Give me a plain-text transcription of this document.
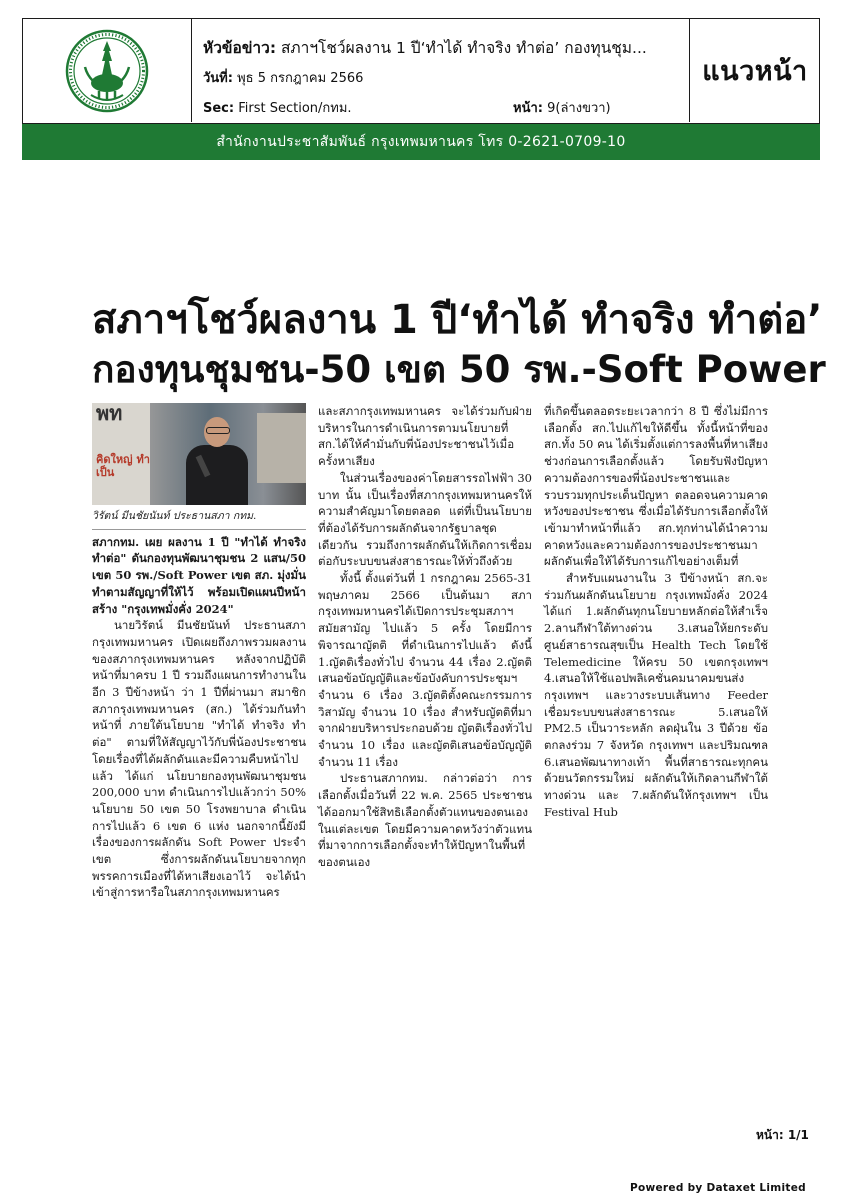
หัวข้อข่าว: สภาฯโชว์ผลงาน 1 ปี‘ทำได้ ทำจริง ทำต่อ’ กองทุนชุม...
วันที่: พุธ 5 กรกฎาคม 2566
Sec: First Section/กทม.	หน้า: 9(ล่างขวา)
แนวหน้า
สำนักงานประชาสัมพันธ์ กรุงเทพมหานคร โทร 0-2621-0709-10
สภาฯโชว์ผลงาน 1 ปี‘ทำได้ ทำจริง ทำต่อ’
กองทุนชุมชน-50 เขต 50 รพ.-Soft Power
พท
คิดใหญ่ ทำเป็น
วิรัตน์ มีนชัยนันท์ ประธานสภา กทม.

สภากทม. เผย ผลงาน 1 ปี "ทำได้ ทำจริง ทำต่อ" ดันกองทุนพัฒนาชุมชน 2 แสน/50 เขต 50 รพ./Soft Power เขต สภ. มุ่งมั่นทำตามสัญญาที่ให้ไว้ พร้อมเปิดแผนปีหน้าสร้าง "กรุงเทพมั่งคั่ง 2024"

นายวิรัตน์ มีนชัยนันท์ ประธานสภากรุงเทพมหานคร เปิดเผยถึงภาพรวมผลงานของสภากรุงเทพมหานคร หลังจากปฏิบัติหน้าที่มาครบ 1 ปี รวมถึงแผนการทำงานในอีก 3 ปีข้างหน้า ว่า 1 ปีที่ผ่านมา สมาชิกสภากรุงเทพมหานคร (สก.) ได้ร่วมกันทำหน้าที่ ภายใต้นโยบาย "ทำได้ ทำจริง ทำต่อ" ตามที่ให้สัญญาไว้กับพี่น้องประชาชนโดยเรื่องที่ได้ผลักดันและมีความคืบหน้าไปแล้ว ได้แก่ นโยบายกองทุนพัฒนาชุมชน 200,000 บาท ดำเนินการไปแล้วกว่า 50% นโยบาย 50 เขต 50 โรงพยาบาล ดำเนินการไปแล้ว 6 เขต 6 แห่ง นอกจากนี้ยังมีเรื่องของการผลักดัน Soft Power ประจำเขต ซึ่งการผลักดันนโยบายจากทุกพรรคการเมืองที่ได้หาเสียงเอาไว้ จะได้นำเข้าสู่การหารือในสภากรุงเทพมหานคร

และสภากรุงเทพมหานคร จะได้ร่วมกับฝ่ายบริหารในการดำเนินการตามนโยบายที่ สก.ได้ให้คำมั่นกับพี่น้องประชาชนไว้เมื่อครั้งหาเสียง

ในส่วนเรื่องของค่าโดยสารรถไฟฟ้า 30 บาท นั้น เป็นเรื่องที่สภากรุงเทพมหานครให้ความสำคัญมาโดยตลอด แต่ที่เป็นนโยบายที่ต้องได้รับการผลักดันจากรัฐบาลชุดเดียวกัน รวมถึงการผลักดันให้เกิดการเชื่อมต่อกับระบบขนส่งสาธารณะให้ทั่วถึงด้วย

ทั้งนี้ ตั้งแต่วันที่ 1 กรกฎาคม 2565-31 พฤษภาคม 2566 เป็นต้นมา สภากรุงเทพมหานครได้เปิดการประชุมสภาฯ สมัยสามัญ ไปแล้ว 5 ครั้ง โดยมีการพิจารณาญัตติ ที่ดำเนินการไปแล้ว ดังนี้ 1.ญัตติเรื่องทั่วไป จำนวน 44 เรื่อง 2.ญัตติเสนอข้อบัญญัติและข้อบังคับการประชุมฯ จำนวน 6 เรื่อง 3.ญัตติตั้งคณะกรรมการวิสามัญ จำนวน 10 เรื่อง สำหรับญัตติที่มาจากฝ่ายบริหารประกอบด้วย ญัตติเรื่องทั่วไป จำนวน 10 เรื่อง และญัตติเสนอข้อบัญญัติ จำนวน 11 เรื่อง

ประธานสภากทม. กล่าวต่อว่า การเลือกตั้งเมื่อวันที่ 22 พ.ค. 2565 ประชาชนได้ออกมาใช้สิทธิเลือกตั้งตัวแทนของตนเองในแต่ละเขต โดยมีความคาดหวังว่าตัวแทนที่มาจากการเลือกตั้งจะทำให้ปัญหาในพื้นที่ของตนเอง

ที่เกิดขึ้นตลอดระยะเวลากว่า 8 ปี ซึ่งไม่มีการเลือกตั้ง สก.ไปแก้ไขให้ดีขึ้น ทั้งนี้หน้าที่ของ สก.ทั้ง 50 คน ได้เริ่มตั้งแต่การลงพื้นที่หาเสียงช่วงก่อนการเลือกตั้งแล้ว โดยรับฟังปัญหา ความต้องการของพี่น้องประชาชนและรวบรวมทุกประเด็นปัญหา ตลอดจนความคาดหวังของประชาชน ซึ่งเมื่อได้รับการเลือกตั้งให้เข้ามาทำหน้าที่แล้ว สก.ทุกท่านได้นำความคาดหวังและความต้องการของประชาชนมาผลักดันเพื่อให้ได้รับการแก้ไขอย่างเต็มที่

สำหรับแผนงานใน 3 ปีข้างหน้า สก.จะร่วมกันผลักดันนโยบาย กรุงเทพมั่งคั่ง 2024 ได้แก่ 1.ผลักดันทุกนโยบายหลักต่อให้สำเร็จ 2.ลานกีฬาใต้ทางด่วน 3.เสนอให้ยกระดับศูนย์สาธารณสุขเป็น Health Tech โดยใช้ Telemedicine ให้ครบ 50 เขตกรุงเทพฯ 4.เสนอให้ใช้แอปพลิเคชั่นคมนาคมขนส่งกรุงเทพฯ และวางระบบเส้นทาง Feeder เชื่อมระบบขนส่งสาธารณะ 5.เสนอให้ PM2.5 เป็นวาระหลัก ลดฝุ่นใน 3 ปีด้วย ข้อตกลงร่วม 7 จังหวัด กรุงเทพฯ และปริมณฑล 6.เสนอพัฒนาทางเท้า พื้นที่สาธารณะทุกคนด้วยนวัตกรรมใหม่ ผลักดันให้เกิดลานกีฬาใต้ทางด่วน และ 7.ผลักดันให้กรุงเทพฯ เป็น Festival Hub

หน้า: 1/1
Powered by Dataxet Limited
